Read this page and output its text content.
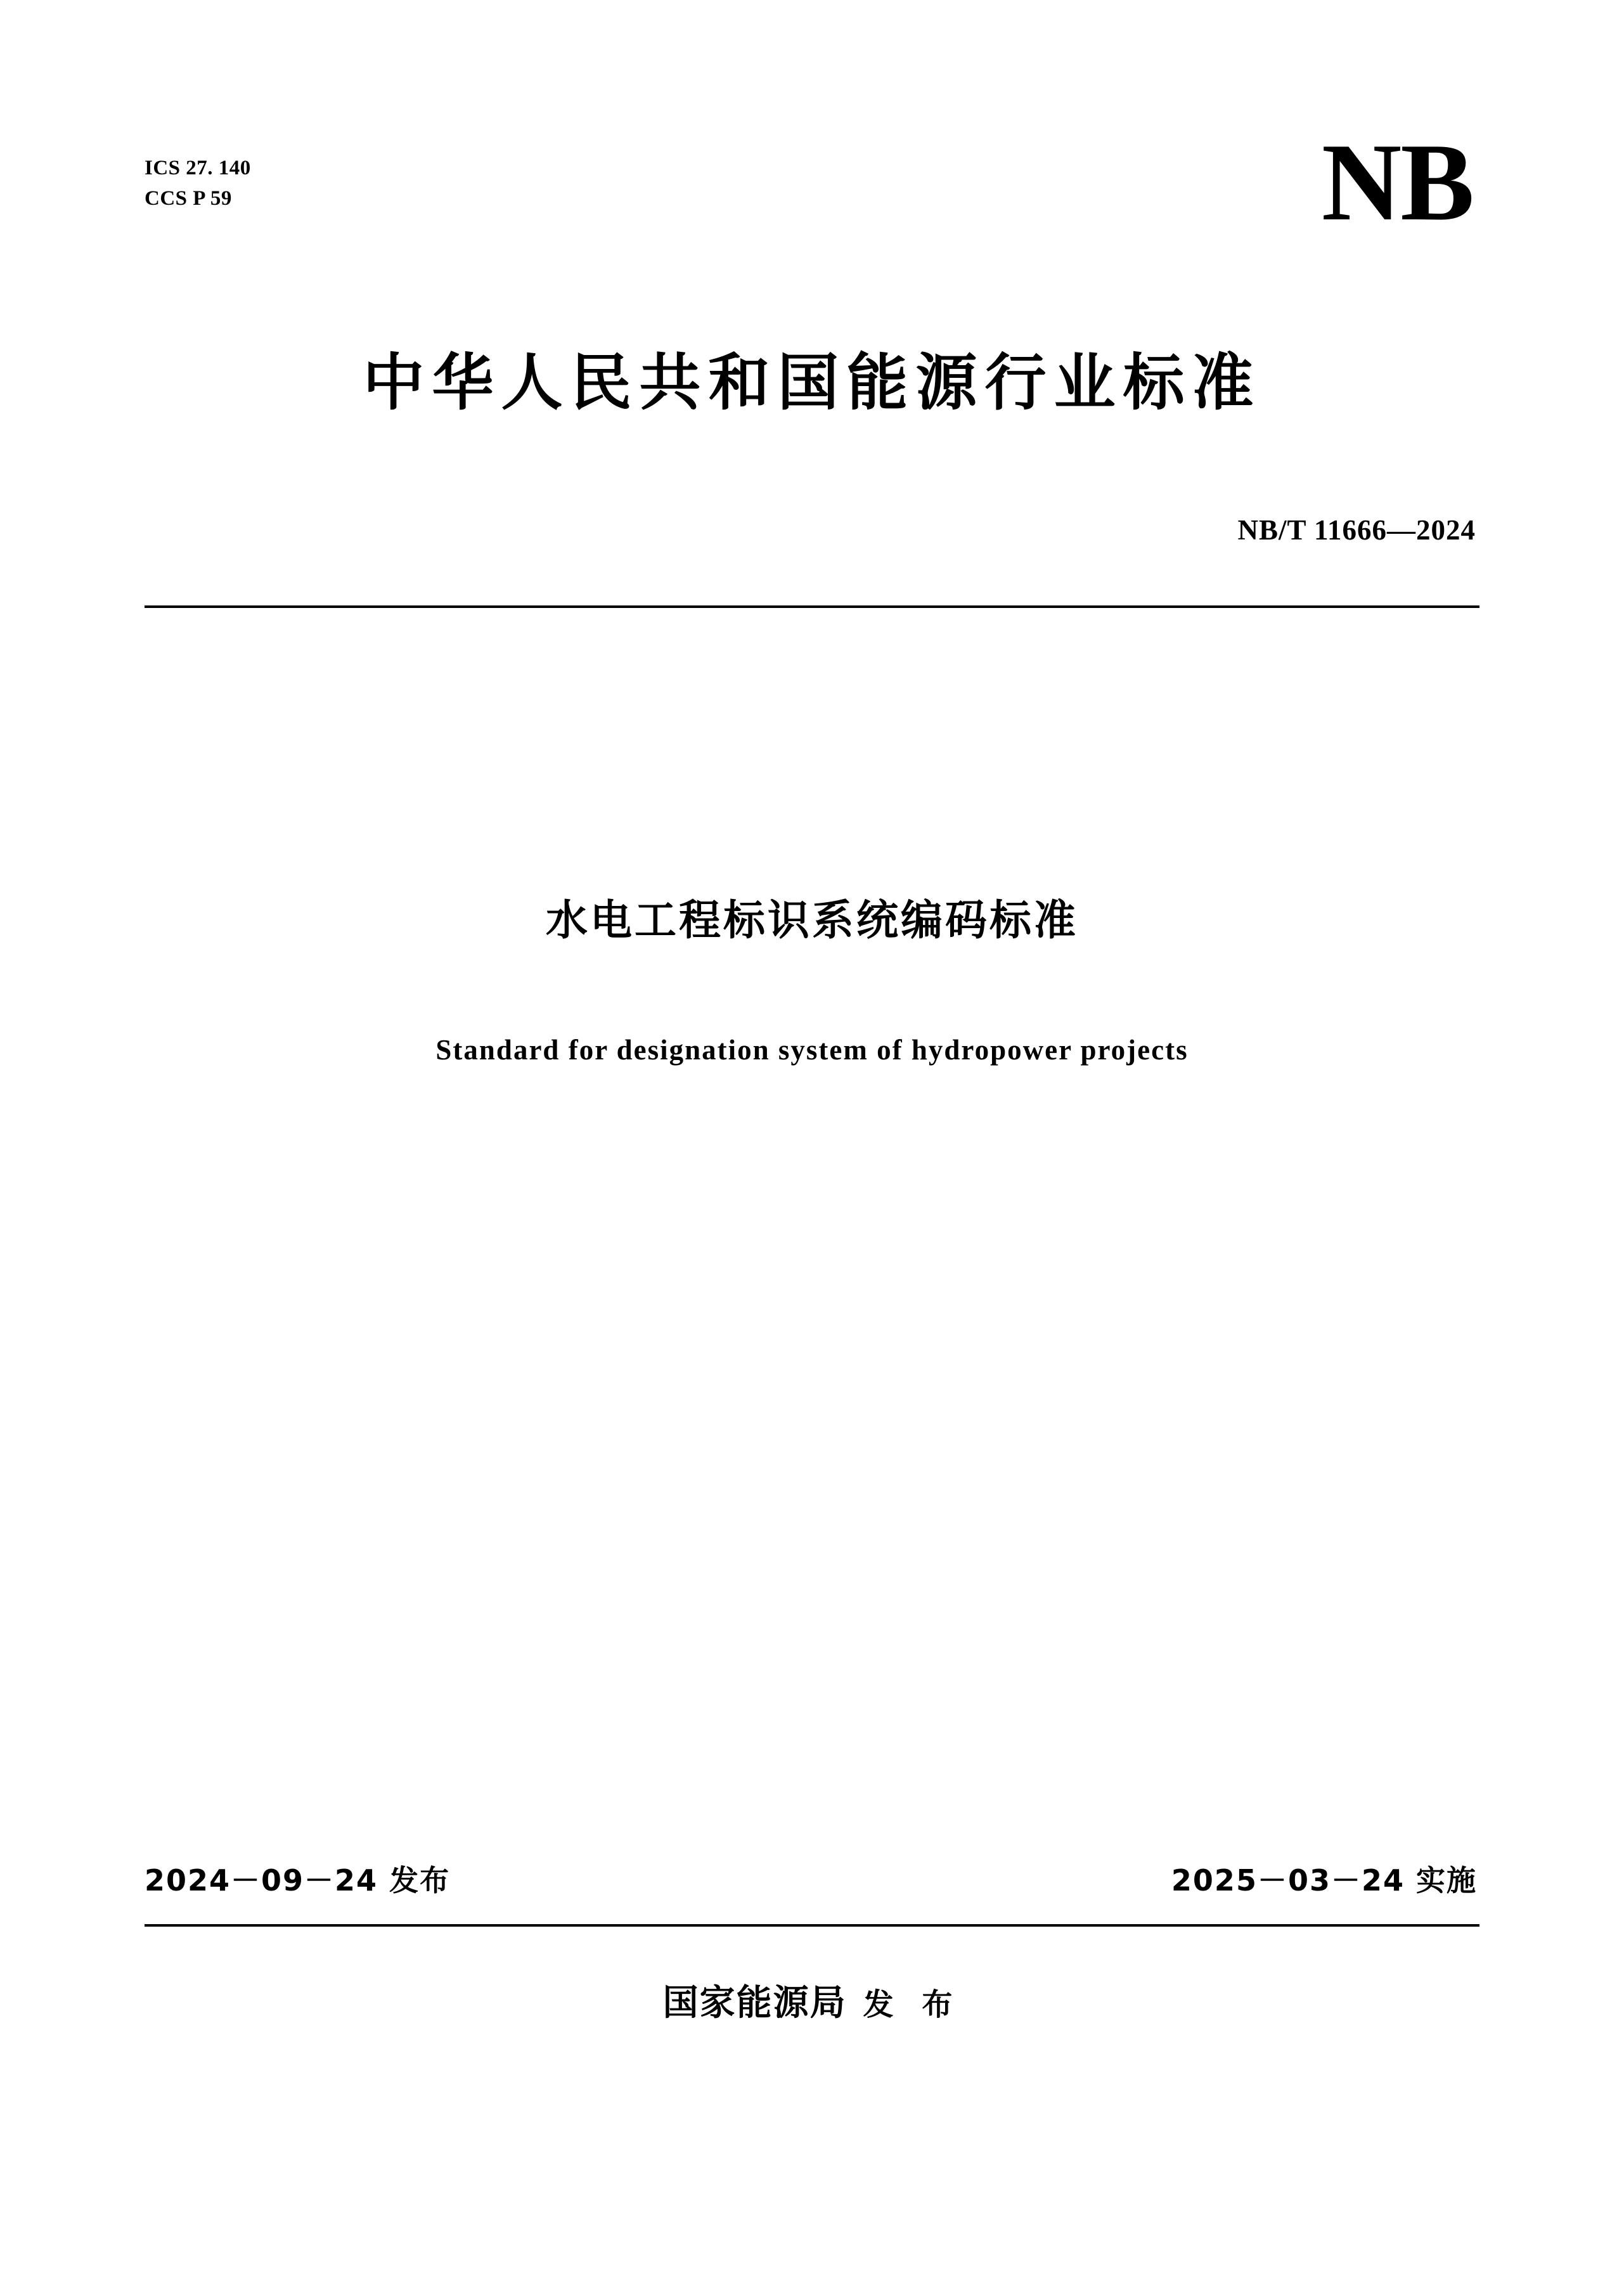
ICS 27. 140
CCS P 59	NB
中华人民共和国能源行业标准
NB/T 11666—2024
水电工程标识系统编码标准
Standard for designation system of hydropower projects
2024－09－24 发布	2025－03－24 实施
国家能源局 发 布
